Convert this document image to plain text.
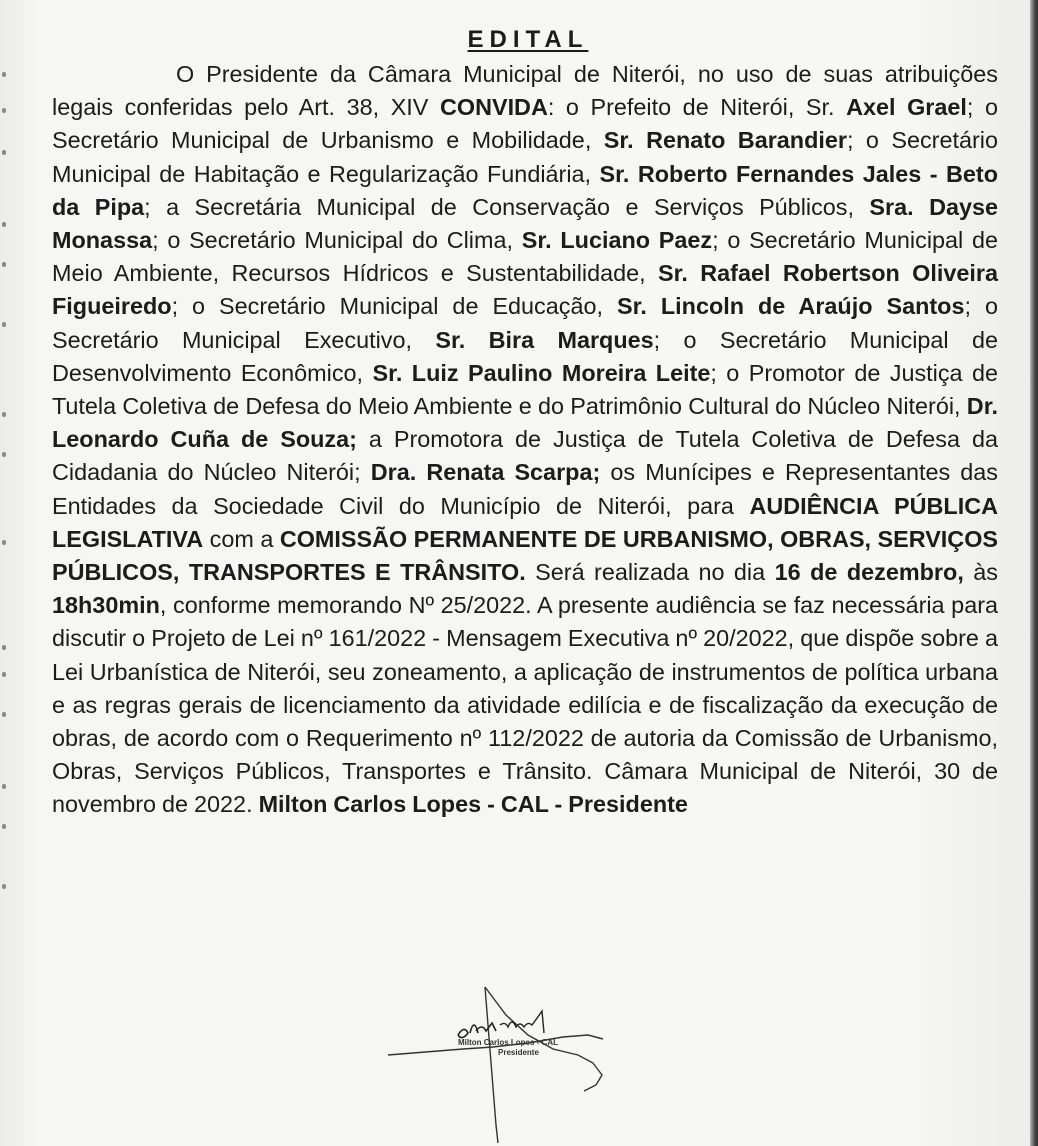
EDITAL
O Presidente da Câmara Municipal de Niterói, no uso de suas atribuições legais conferidas pelo Art. 38, XIV CONVIDA: o Prefeito de Niterói, Sr. Axel Grael; o Secretário Municipal de Urbanismo e Mobilidade, Sr. Renato Barandier; o Secretário Municipal de Habitação e Regularização Fundiária, Sr. Roberto Fernandes Jales - Beto da Pipa; a Secretária Municipal de Conservação e Serviços Públicos, Sra. Dayse Monassa; o Secretário Municipal do Clima, Sr. Luciano Paez; o Secretário Municipal de Meio Ambiente, Recursos Hídricos e Sustentabilidade, Sr. Rafael Robertson Oliveira Figueiredo; o Secretário Municipal de Educação, Sr. Lincoln de Araújo Santos; o Secretário Municipal Executivo, Sr. Bira Marques; o Secretário Municipal de Desenvolvimento Econômico, Sr. Luiz Paulino Moreira Leite; o Promotor de Justiça de Tutela Coletiva de Defesa do Meio Ambiente e do Patrimônio Cultural do Núcleo Niterói, Dr. Leonardo Cuña de Souza; a Promotora de Justiça de Tutela Coletiva de Defesa da Cidadania do Núcleo Niterói; Dra. Renata Scarpa; os Munícipes e Representantes das Entidades da Sociedade Civil do Município de Niterói, para AUDIÊNCIA PÚBLICA LEGISLATIVA com a COMISSÃO PERMANENTE DE URBANISMO, OBRAS, SERVIÇOS PÚBLICOS, TRANSPORTES E TRÂNSITO. Será realizada no dia 16 de dezembro, às 18h30min, conforme memorando Nº 25/2022. A presente audiência se faz necessária para discutir o Projeto de Lei nº 161/2022 - Mensagem Executiva nº 20/2022, que dispõe sobre a Lei Urbanística de Niterói, seu zoneamento, a aplicação de instrumentos de política urbana e as regras gerais de licenciamento da atividade edilícia e de fiscalização da execução de obras, de acordo com o Requerimento nº 112/2022 de autoria da Comissão de Urbanismo, Obras, Serviços Públicos, Transportes e Trânsito. Câmara Municipal de Niterói, 30 de novembro de 2022. Milton Carlos Lopes - CAL - Presidente
Milton Carlos Lopes - CAL
Presidente
